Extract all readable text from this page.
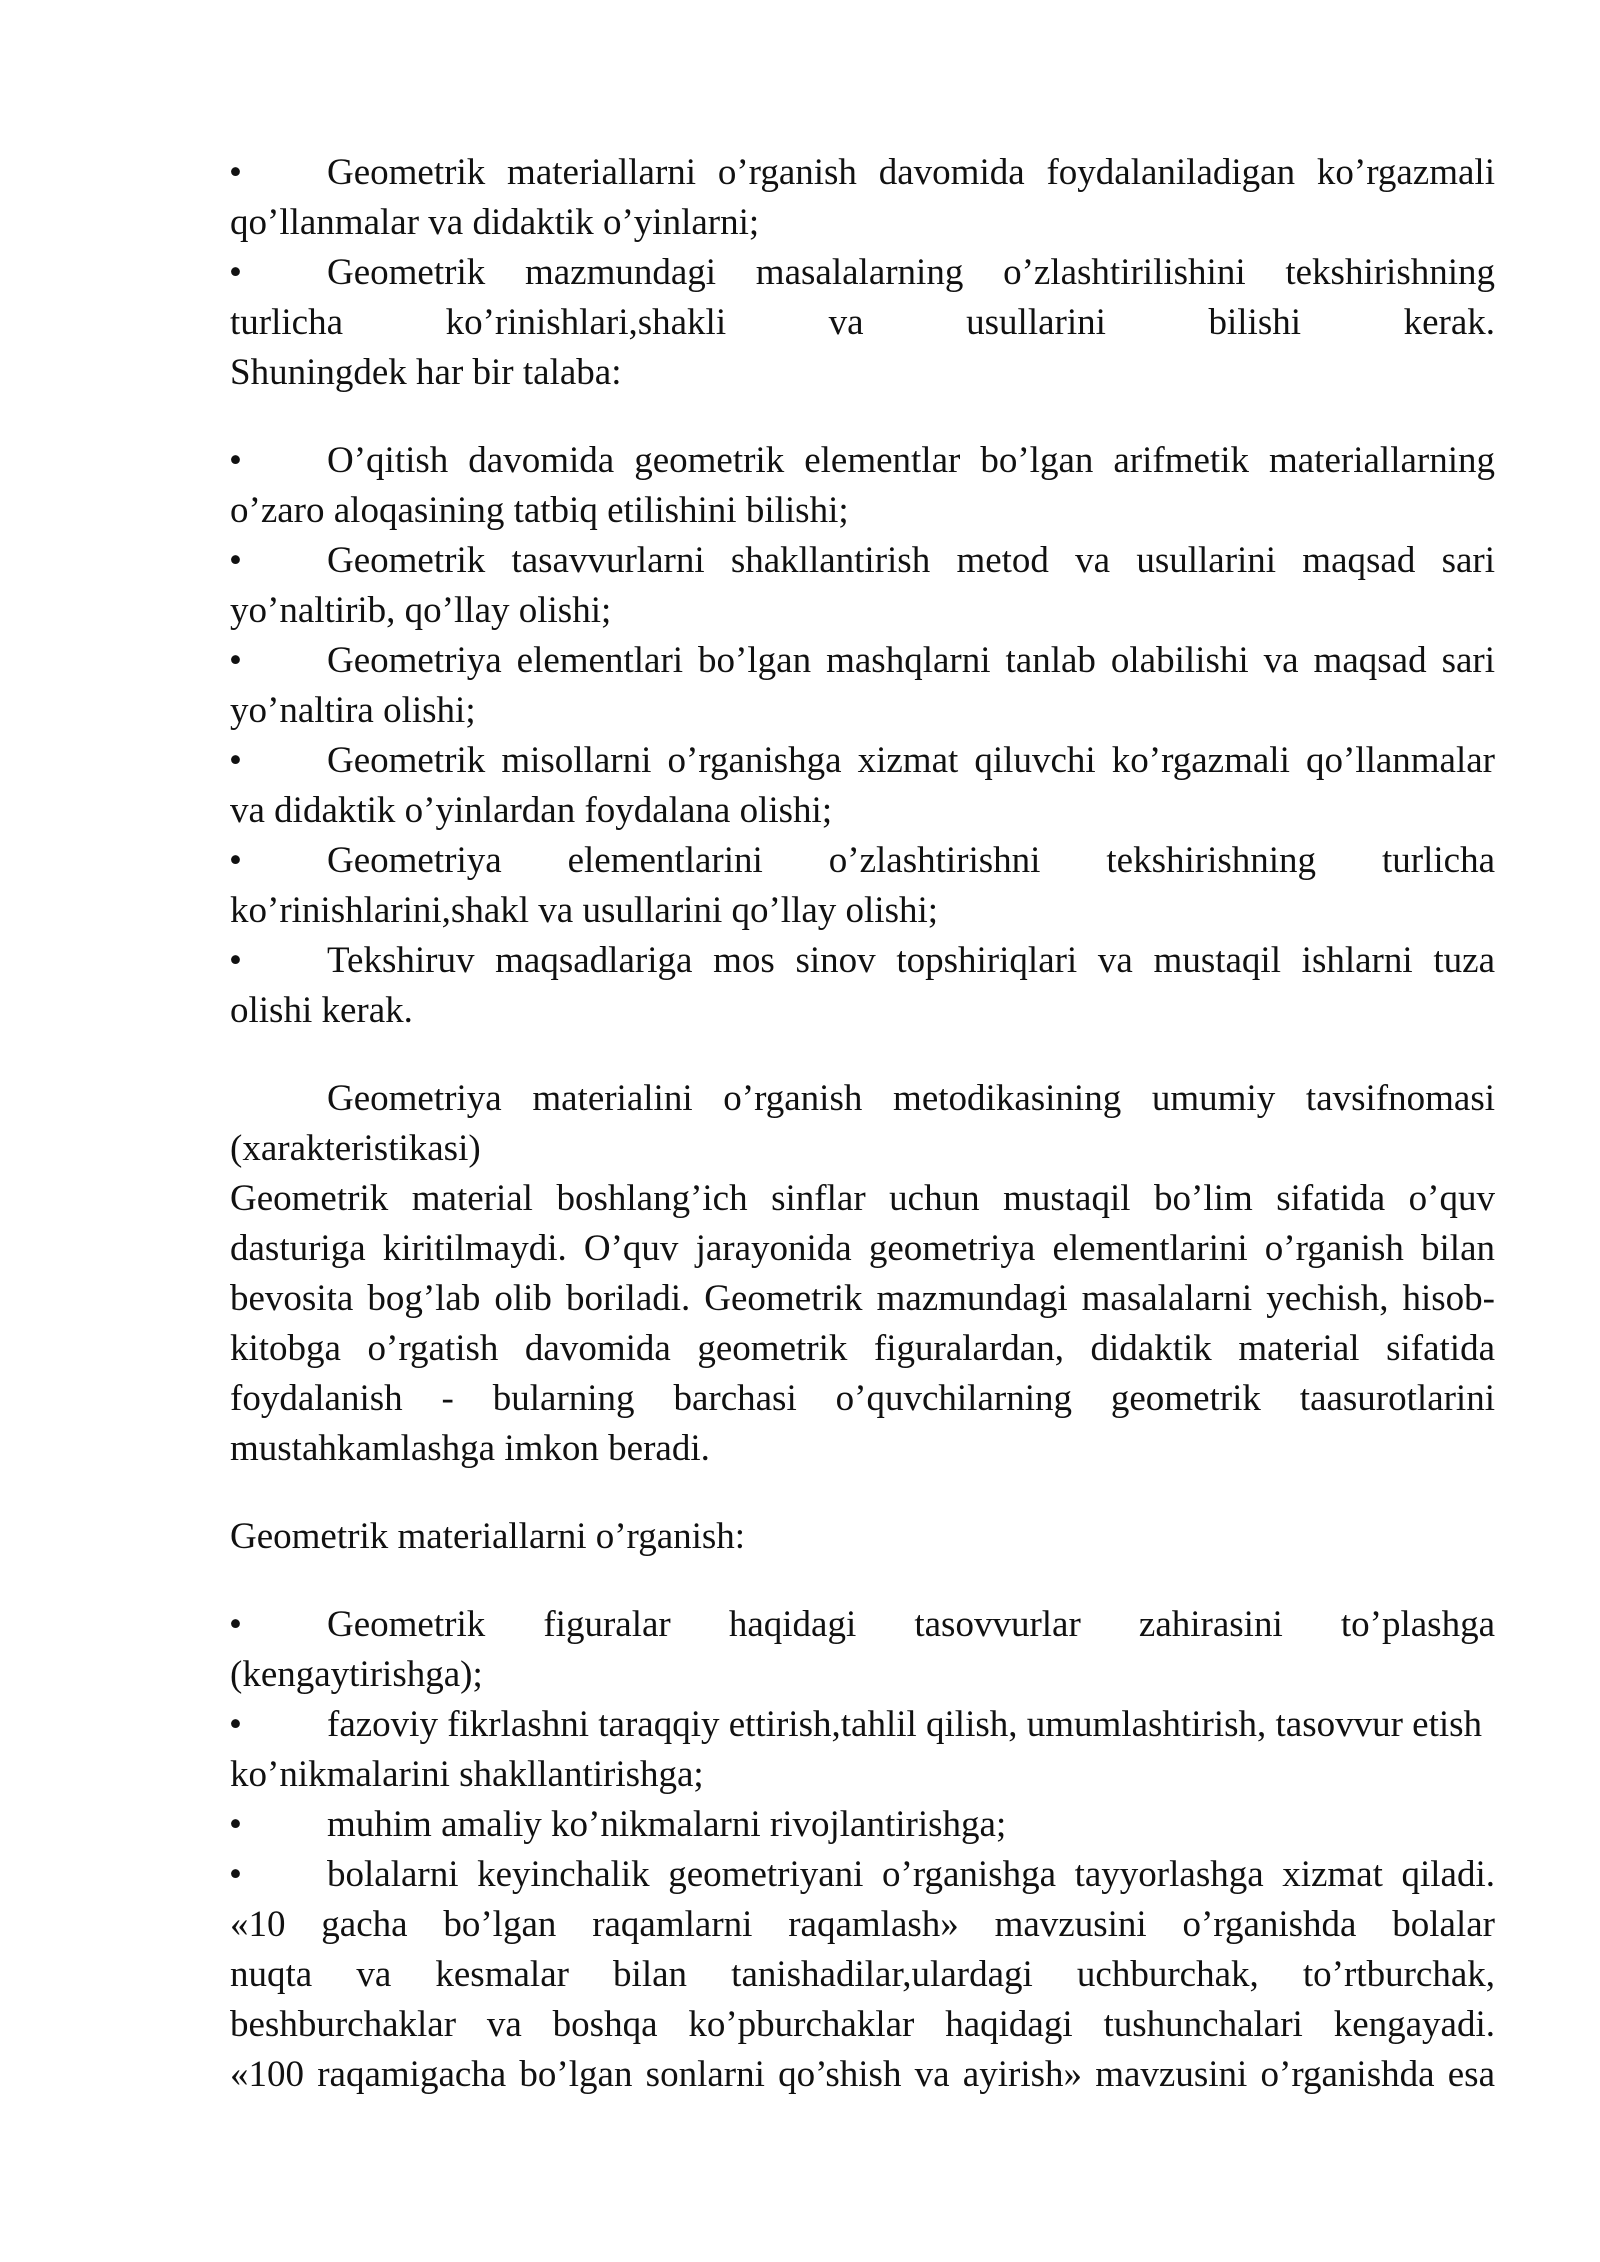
• Geometrik materiallarni o’rganish davomida foydalaniladigan ko’rgazmali
qo’llanmalar va didaktik o’yinlarni;
• Geometrik mazmundagi masalalarning o’zlashtirilishini tekshirishning
turlicha ko’rinishlari,shakli va usullarini bilishi kerak.
Shuningdek har bir talaba:
• O’qitish davomida geometrik elementlar bo’lgan arifmetik materiallarning
o’zaro aloqasining tatbiq etilishini bilishi;
• Geometrik tasavvurlarni shakllantirish metod va usullarini maqsad sari
yo’naltirib, qo’llay olishi;
• Geometriya elementlari bo’lgan mashqlarni tanlab olabilishi va maqsad sari
yo’naltira olishi;
• Geometrik misollarni o’rganishga xizmat qiluvchi ko’rgazmali qo’llanmalar
va didaktik o’yinlardan foydalana olishi;
• Geometriya elementlarini o’zlashtirishni tekshirishning turlicha
ko’rinishlarini,shakl va usullarini qo’llay olishi;
• Tekshiruv maqsadlariga mos sinov topshiriqlari va mustaqil ishlarni tuza
olishi kerak.
Geometriya materialini o’rganish metodikasining umumiy tavsifnomasi
(xarakteristikasi)
Geometrik material boshlang’ich sinflar uchun mustaqil bo’lim sifatida o’quv
dasturiga kiritilmaydi. O’quv jarayonida geometriya elementlarini o’rganish bilan
bevosita bog’lab olib boriladi. Geometrik mazmundagi masalalarni yechish, hisob-
kitobga o’rgatish davomida geometrik figuralardan, didaktik material sifatida
foydalanish - bularning barchasi o’quvchilarning geometrik taasurotlarini
mustahkamlashga imkon beradi.
Geometrik materiallarni o’rganish:
• Geometrik figuralar haqidagi tasovvurlar zahirasini to’plashga
(kengaytirishga);
• fazoviy fikrlashni taraqqiy ettirish,tahlil qilish, umumlashtirish, tasovvur etish
ko’nikmalarini shakllantirishga;
• muhim amaliy ko’nikmalarni rivojlantirishga;
• bolalarni keyinchalik geometriyani o’rganishga tayyorlashga xizmat qiladi.
«10 gacha bo’lgan raqamlarni raqamlash» mavzusini o’rganishda bolalar
nuqta va kesmalar bilan tanishadilar,ulardagi uchburchak, to’rtburchak,
beshburchaklar va boshqa ko’pburchaklar haqidagi tushunchalari kengayadi.
«100 raqamigacha bo’lgan sonlarni qo’shish va ayirish» mavzusini o’rganishda esa
